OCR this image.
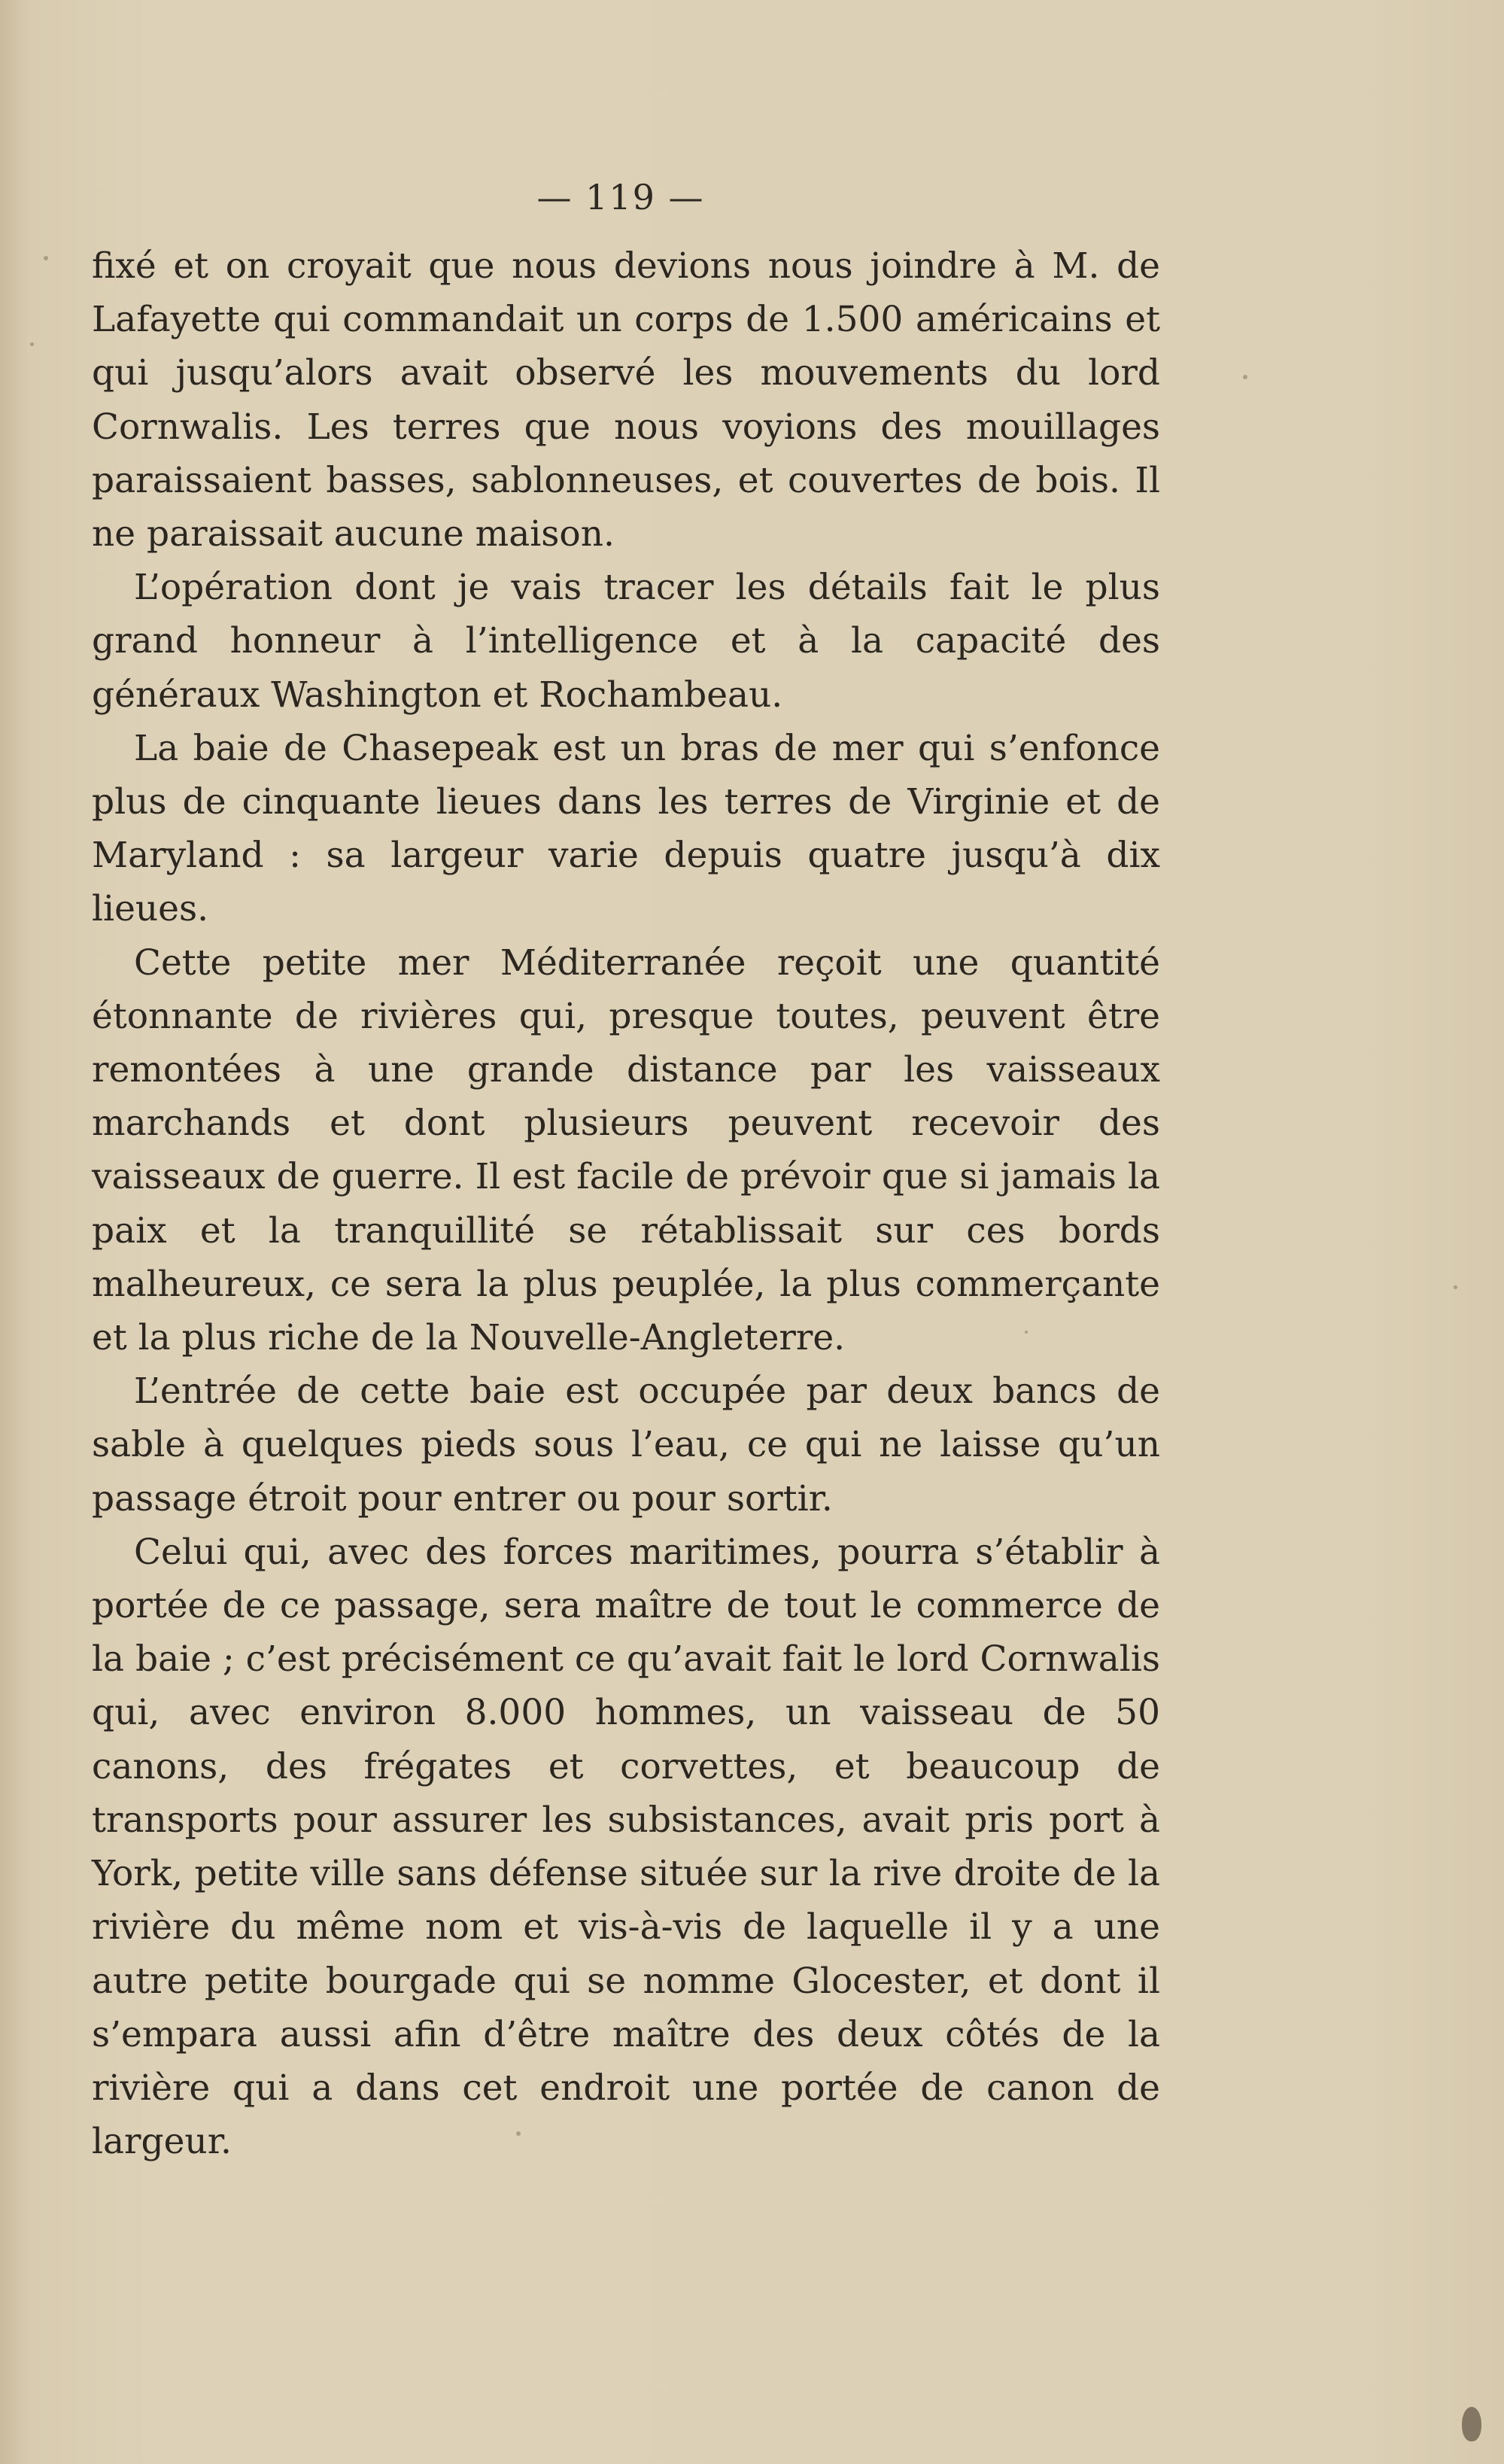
— 119 —

fixé et on croyait que nous devions nous joindre à M. de Lafayette qui commandait un corps de 1.500 américains et qui jusqu’alors avait observé les mouvements du lord Cornwalis. Les terres que nous voyions des mouillages paraissaient basses, sablonneuses, et couvertes de bois. Il ne paraissait aucune maison.

L’opération dont je vais tracer les détails fait le plus grand honneur à l’intelligence et à la capacité des généraux Washington et Rochambeau.

La baie de Chasepeak est un bras de mer qui s’enfonce plus de cinquante lieues dans les terres de Virginie et de Maryland : sa largeur varie depuis quatre jusqu’à dix lieues.

Cette petite mer Méditerranée reçoit une quantité étonnante de rivières qui, presque toutes, peuvent être remontées à une grande distance par les vaisseaux marchands et dont plusieurs peuvent recevoir des vaisseaux de guerre. Il est facile de prévoir que si jamais la paix et la tranquillité se rétablissait sur ces bords malheureux, ce sera la plus peuplée, la plus commerçante et la plus riche de la Nouvelle-Angleterre.

L’entrée de cette baie est occupée par deux bancs de sable à quelques pieds sous l’eau, ce qui ne laisse qu’un passage étroit pour entrer ou pour sortir.

Celui qui, avec des forces maritimes, pourra s’établir à portée de ce passage, sera maître de tout le commerce de la baie ; c’est précisément ce qu’avait fait le lord Cornwalis qui, avec environ 8.000 hommes, un vaisseau de 50 canons, des frégates et corvettes, et beaucoup de transports pour assurer les subsistances, avait pris port à York, petite ville sans défense située sur la rive droite de la rivière du même nom et vis-à-vis de laquelle il y a une autre petite bourgade qui se nomme Glocester, et dont il s’empara aussi afin d’être maître des deux côtés de la rivière qui a dans cet endroit une portée de canon de largeur.
